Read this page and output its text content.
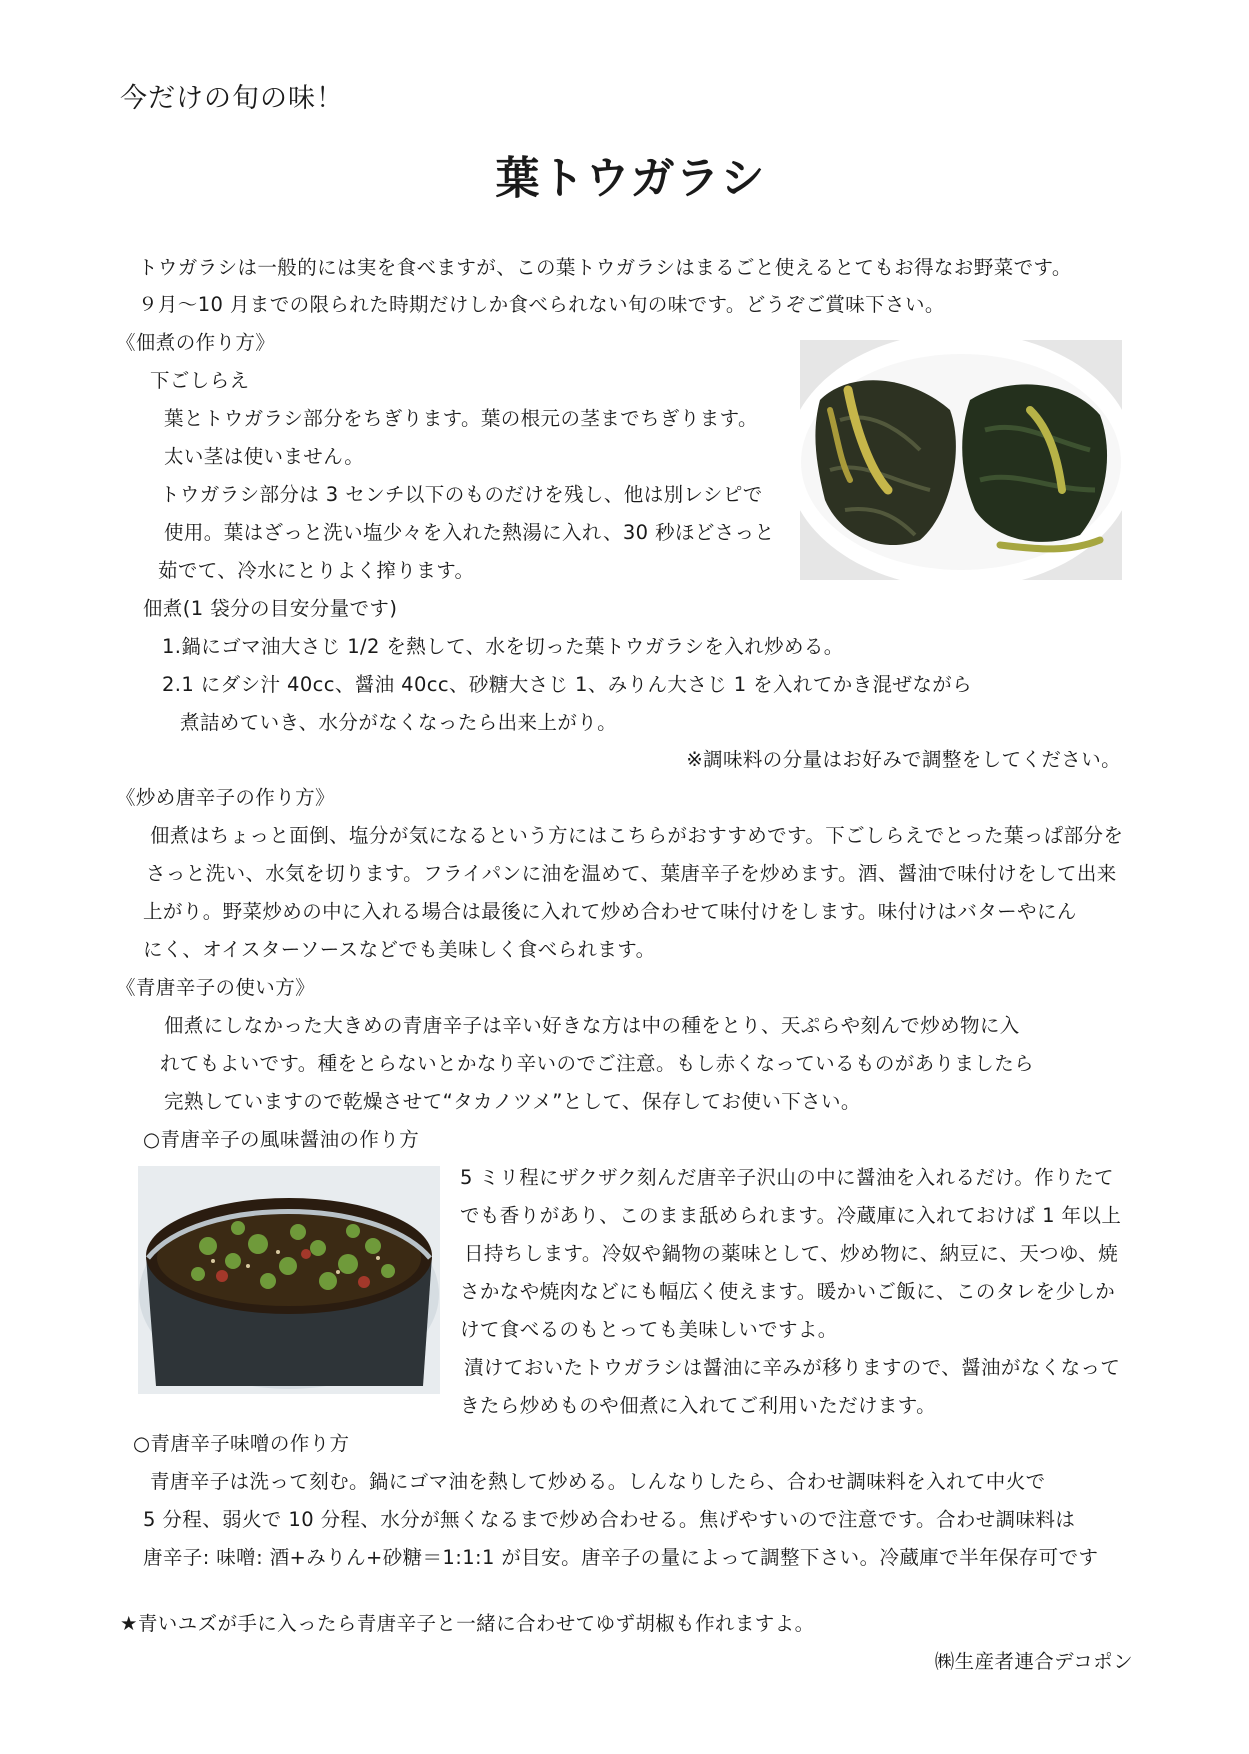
今だけの旬の味！
葉トウガラシ
トウガラシは一般的には実を食べますが、この葉トウガラシはまるごと使えるとてもお得なお野菜です。
９月〜10 月までの限られた時期だけしか食べられない旬の味です。どうぞご賞味下さい。
《佃煮の作り方》
下ごしらえ
葉とトウガラシ部分をちぎります。葉の根元の茎までちぎります。
太い茎は使いません。
トウガラシ部分は 3 センチ以下のものだけを残し、他は別レシピで
使用。葉はざっと洗い塩少々を入れた熱湯に入れ、30 秒ほどさっと
茹でて、冷水にとりよく搾ります。
佃煮(1 袋分の目安分量です)
1.鍋にゴマ油大さじ 1/2 を熱して、水を切った葉トウガラシを入れ炒める。
2.1 にダシ汁 40cc、醤油 40cc、砂糖大さじ 1、みりん大さじ 1 を入れてかき混ぜながら
煮詰めていき、水分がなくなったら出来上がり。
※調味料の分量はお好みで調整をしてください。
《炒め唐辛子の作り方》
佃煮はちょっと面倒、塩分が気になるという方にはこちらがおすすめです。下ごしらえでとった葉っぱ部分を
さっと洗い、水気を切ります。フライパンに油を温めて、葉唐辛子を炒めます。酒、醤油で味付けをして出来
上がり。野菜炒めの中に入れる場合は最後に入れて炒め合わせて味付けをします。味付けはバターやにん
にく、オイスターソースなどでも美味しく食べられます。
《青唐辛子の使い方》
佃煮にしなかった大きめの青唐辛子は辛い好きな方は中の種をとり、天ぷらや刻んで炒め物に入
れてもよいです。種をとらないとかなり辛いのでご注意。もし赤くなっているものがありましたら
完熟していますので乾燥させて“タカノツメ”として、保存してお使い下さい。
○青唐辛子の風味醤油の作り方
5 ミリ程にザクザク刻んだ唐辛子沢山の中に醤油を入れるだけ。作りたて
でも香りがあり、このまま舐められます。冷蔵庫に入れておけば 1 年以上
日持ちします。冷奴や鍋物の薬味として、炒め物に、納豆に、天つゆ、焼
さかなや焼肉などにも幅広く使えます。暖かいご飯に、このタレを少しか
けて食べるのもとっても美味しいですよ。
漬けておいたトウガラシは醤油に辛みが移りますので、醤油がなくなって
きたら炒めものや佃煮に入れてご利用いただけます。
○青唐辛子味噌の作り方
青唐辛子は洗って刻む。鍋にゴマ油を熱して炒める。しんなりしたら、合わせ調味料を入れて中火で
5 分程、弱火で 10 分程、水分が無くなるまで炒め合わせる。焦げやすいので注意です。合わせ調味料は
唐辛子: 味噌: 酒+みりん+砂糖＝1:1:1 が目安。唐辛子の量によって調整下さい。冷蔵庫で半年保存可です
★青いユズが手に入ったら青唐辛子と一緒に合わせてゆず胡椒も作れますよ。
㈱生産者連合デコポン
